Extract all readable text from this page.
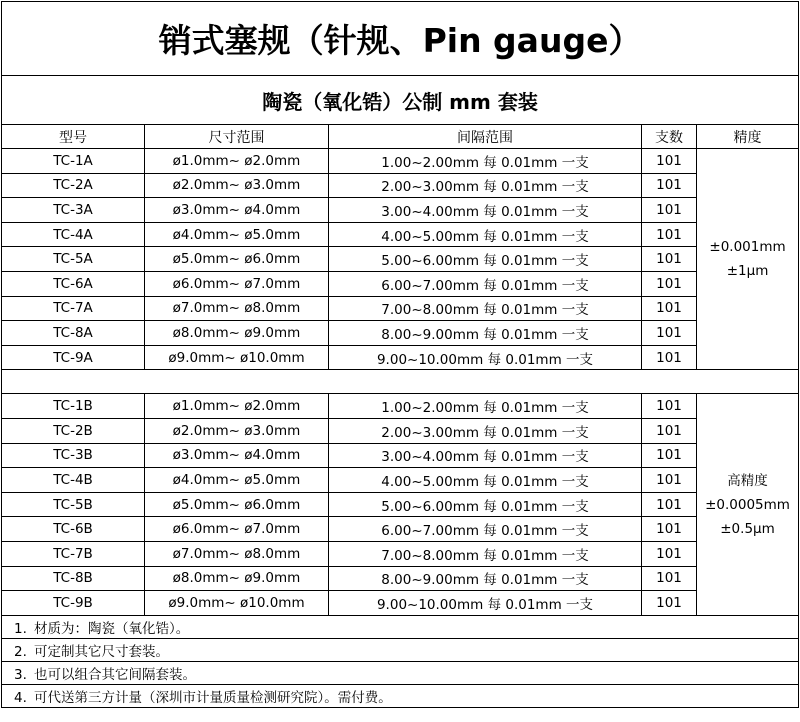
销式塞规（针规、Pin gauge）				
陶瓷（氧化锆）公制 mm 套装				
型号	尺寸范围	间隔范围	支数	精度
TC-1A	ø1.0mm~ ø2.0mm	1.00~2.00mm 每 0.01mm 一支	101	±0.001mm
±1μm

TC-2A	ø2.0mm~ ø3.0mm	2.00~3.00mm 每 0.01mm 一支	101	
TC-3A	ø3.0mm~ ø4.0mm	3.00~4.00mm 每 0.01mm 一支	101	
TC-4A	ø4.0mm~ ø5.0mm	4.00~5.00mm 每 0.01mm 一支	101	
TC-5A	ø5.0mm~ ø6.0mm	5.00~6.00mm 每 0.01mm 一支	101	
TC-6A	ø6.0mm~ ø7.0mm	6.00~7.00mm 每 0.01mm 一支	101	
TC-7A	ø7.0mm~ ø8.0mm	7.00~8.00mm 每 0.01mm 一支	101	
TC-8A	ø8.0mm~ ø9.0mm	8.00~9.00mm 每 0.01mm 一支	101	
TC-9A	ø9.0mm~ ø10.0mm	9.00~10.00mm 每 0.01mm 一支	101	

TC-1B	ø1.0mm~ ø2.0mm	1.00~2.00mm 每 0.01mm 一支	101	高精度
±0.0005mm
±0.5μm

TC-2B	ø2.0mm~ ø3.0mm	2.00~3.00mm 每 0.01mm 一支	101	
TC-3B	ø3.0mm~ ø4.0mm	3.00~4.00mm 每 0.01mm 一支	101	
TC-4B	ø4.0mm~ ø5.0mm	4.00~5.00mm 每 0.01mm 一支	101	
TC-5B	ø5.0mm~ ø6.0mm	5.00~6.00mm 每 0.01mm 一支	101	
TC-6B	ø6.0mm~ ø7.0mm	6.00~7.00mm 每 0.01mm 一支	101	
TC-7B	ø7.0mm~ ø8.0mm	7.00~8.00mm 每 0.01mm 一支	101	
TC-8B	ø8.0mm~ ø9.0mm	8.00~9.00mm 每 0.01mm 一支	101	
TC-9B	ø9.0mm~ ø10.0mm	9.00~10.00mm 每 0.01mm 一支	101	
1. 材质为：陶瓷（氧化锆）。				
2. 可定制其它尺寸套装。				
3. 也可以组合其它间隔套装。				
4. 可代送第三方计量（深圳市计量质量检测研究院）。需付费。				
